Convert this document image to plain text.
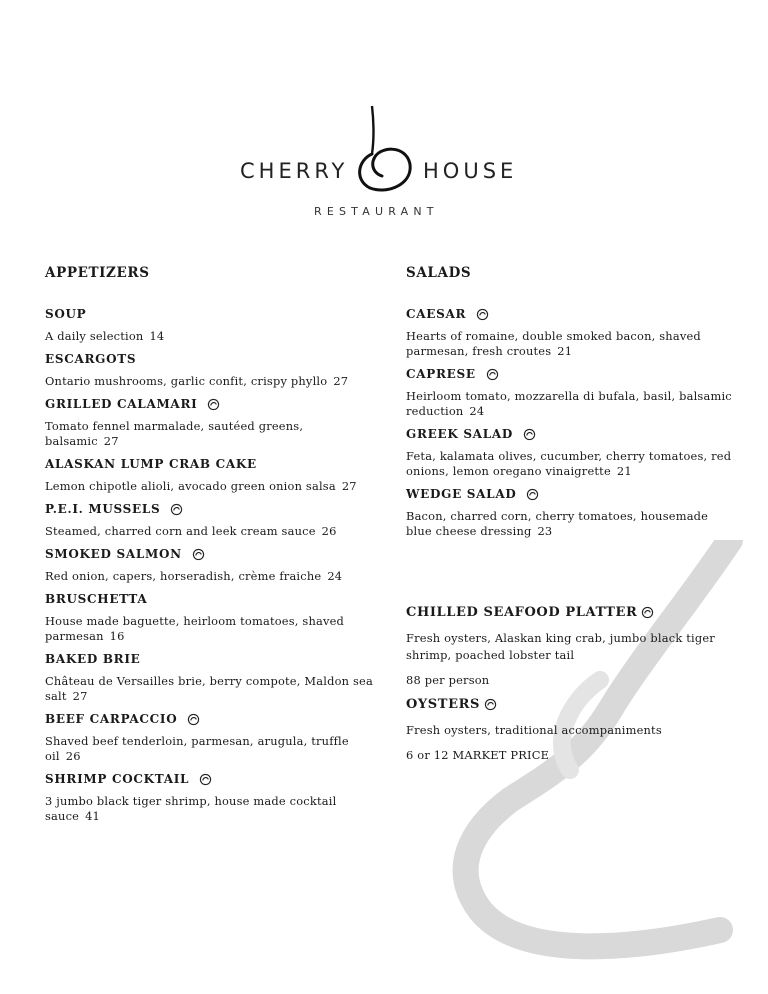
CHERRY	HOUSE
RESTAURANT
APPETIZERS
SOUP
A daily selection 14
ESCARGOTS
Ontario mushrooms, garlic confit, crispy phyllo 27
GRILLED CALAMARI
Tomato fennel marmalade, sautéed greens, balsamic 27
ALASKAN LUMP CRAB CAKE
Lemon chipotle alioli, avocado green onion salsa 27
P.E.I. MUSSELS
Steamed, charred corn and leek cream sauce 26
SMOKED SALMON
Red onion, capers, horseradish, crème fraiche 24
BRUSCHETTA
House made baguette, heirloom tomatoes, shaved parmesan 16
BAKED BRIE
Château de Versailles brie, berry compote, Maldon sea salt 27
BEEF CARPACCIO
Shaved beef tenderloin, parmesan, arugula, truffle oil 26
SHRIMP COCKTAIL
3 jumbo black tiger shrimp, house made cocktail sauce 41
SALADS
CAESAR
Hearts of romaine, double smoked bacon, shaved parmesan, fresh croutes 21
CAPRESE
Heirloom tomato, mozzarella di bufala, basil, balsamic reduction 24
GREEK SALAD
Feta, kalamata olives, cucumber, cherry tomatoes, red onions, lemon oregano vinaigrette 21
WEDGE SALAD
Bacon, charred corn, cherry tomatoes, housemade blue cheese dressing 23
CHILLED SEAFOOD PLATTER
Fresh oysters, Alaskan king crab, jumbo black tiger shrimp, poached lobster tail
88 per person
OYSTERS
Fresh oysters, traditional accompaniments
6 or 12 MARKET PRICE
